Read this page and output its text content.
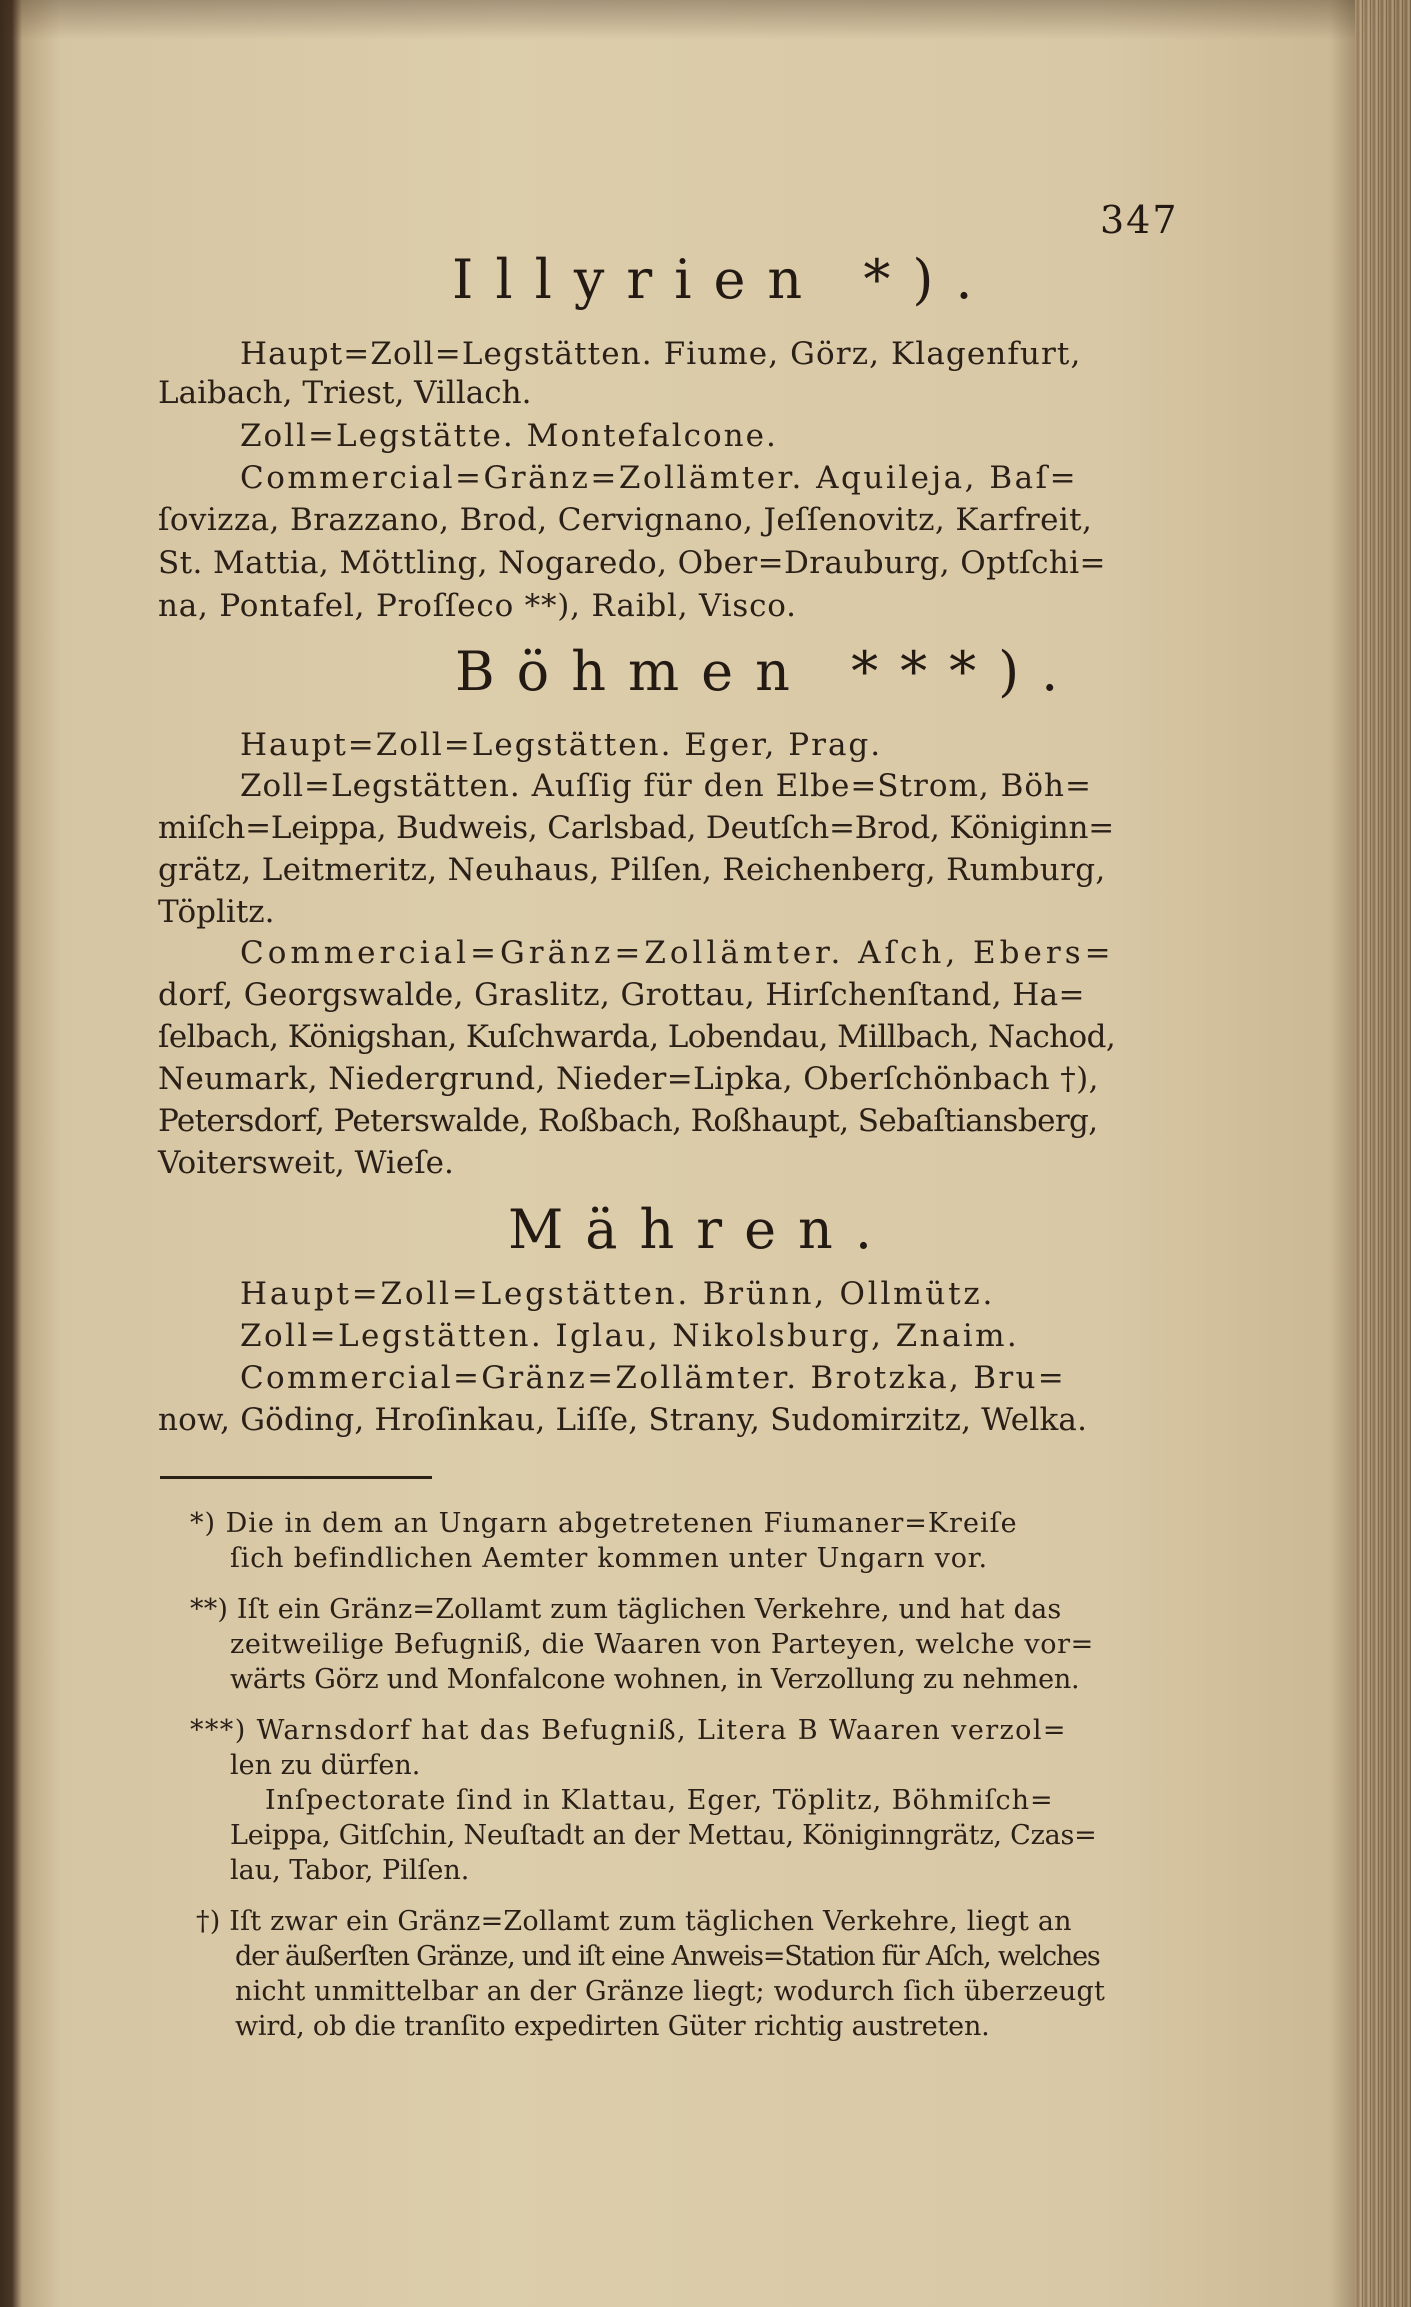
347
Illyrien *).
Haupt=Zoll=Legstätten. Fiume, Görz, Klagenfurt,
Laibach, Triest, Villach.
Zoll=Legstätte. Montefalcone.
Commercial=Gränz=Zollämter. Aquileja, Baſ=
ſovizza, Brazzano, Brod, Cervignano, Jeſſenovitz, Karfreit,
St. Mattia, Möttling, Nogaredo, Ober=Drauburg, Optſchi=
na, Pontafel, Proſſeco **), Raibl, Visco.
Böhmen ***).
Haupt=Zoll=Legstätten. Eger, Prag.
Zoll=Legstätten. Auſſig für den Elbe=Strom, Böh=
miſch=Leippa, Budweis, Carlsbad, Deutſch=Brod, Königinn=
grätz, Leitmeritz, Neuhaus, Pilſen, Reichenberg, Rumburg,
Töplitz.
Commercial=Gränz=Zollämter. Aſch, Ebers=
dorf, Georgswalde, Graslitz, Grottau, Hirſchenſtand, Ha=
ſelbach, Königshan, Kuſchwarda, Lobendau, Millbach, Nachod,
Neumark, Niedergrund, Nieder=Lipka, Oberſchönbach †),
Petersdorf, Peterswalde, Roßbach, Roßhaupt, Sebaſtiansberg,
Voitersweit, Wieſe.
Mähren.
Haupt=Zoll=Legstätten. Brünn, Ollmütz.
Zoll=Legstätten. Iglau, Nikolsburg, Znaim.
Commercial=Gränz=Zollämter. Brotzka, Bru=
now, Göding, Hroſinkau, Liſſe, Strany, Sudomirzitz, Welka.
*) Die in dem an Ungarn abgetretenen Fiumaner=Kreiſe
ſich befindlichen Aemter kommen unter Ungarn vor.
**) Iſt ein Gränz=Zollamt zum täglichen Verkehre, und hat das
zeitweilige Befugniß, die Waaren von Parteyen, welche vor=
wärts Görz und Monfalcone wohnen, in Verzollung zu nehmen.
***) Warnsdorf hat das Befugniß, Litera B Waaren verzol=
len zu dürfen.
Inſpectorate ſind in Klattau, Eger, Töplitz, Böhmiſch=
Leippa, Gitſchin, Neuſtadt an der Mettau, Königinngrätz, Czas=
lau, Tabor, Pilſen.
†) Iſt zwar ein Gränz=Zollamt zum täglichen Verkehre, liegt an
der äußerſten Gränze, und iſt eine Anweis=Station für Aſch, welches
nicht unmittelbar an der Gränze liegt; wodurch ſich überzeugt
wird, ob die tranſito expedirten Güter richtig austreten.
